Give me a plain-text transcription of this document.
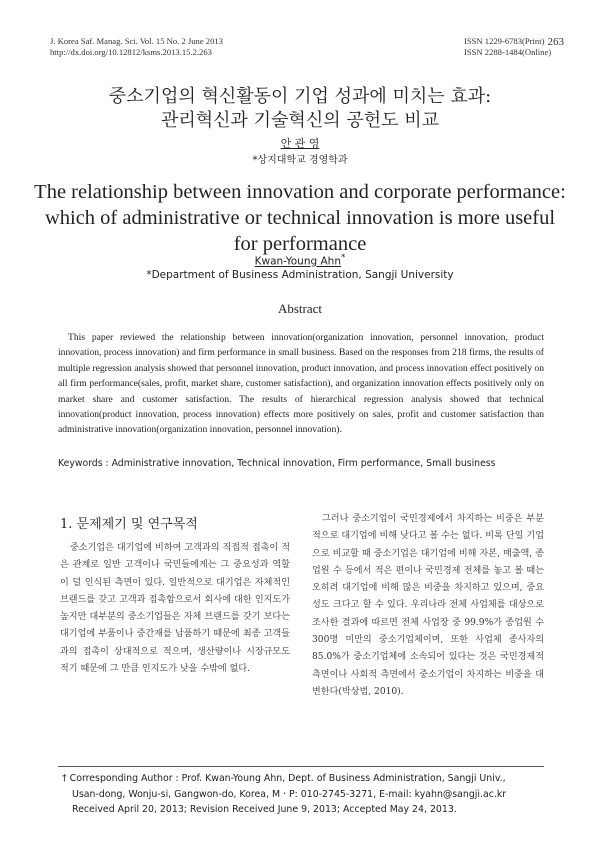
J. Korea Saf. Manag. Sci. Vol. 15 No. 2 June 2013
http://dx.doi.org/10.12812/ksms.2013.15.2.263
ISSN 1229-6783(Print)
ISSN 2288-1484(Online)
263
중소기업의 혁신활동이 기업 성과에 미치는 효과:
관리혁신과 기술혁신의 공헌도 비교
안 관 영
*상지대학교 경영학과
The relationship between innovation and corporate performance:
which of administrative or technical innovation is more useful
for performance
Kwan-Young Ahn*
*Department of Business Administration, Sangji University
Abstract
This paper reviewed the relationship between innovation(organization innovation, personnel innovation, product innovation, process innovation) and firm performance in small business. Based on the responses from 218 firms, the results of multiple regression analysis showed that personnel innovation, product innovation, and process innovation effect positively on all firm performance(sales, profit, market share, customer satisfaction), and organization innovation effects positively only on market share and customer satisfaction. The results of hierarchical regression analysis showed that technical innovation(product innovation, process innovation) effects more positively on sales, profit and customer satisfaction than administrative innovation(organization innovation, personnel innovation).
Keywords : Administrative innovation, Technical innovation, Firm performance, Small business
1. 문제제기 및 연구목적

중소기업은 대기업에 비하여 고객과의 직접적 접촉이 적은 관계로 일반 고객이나 국민들에게는 그 중요성과 역할이 덜 인식된 측면이 있다. 일반적으로 대기업은 자체적인 브랜드를 갖고 고객과 접촉함으로서 회사에 대한 인지도가 높지만 대부분의 중소기업들은 자체 브랜드를 갖기 보다는 대기업에 부품이나 중간재를 납품하기 때문에 최종 고객들과의 접촉이 상대적으로 적으며, 생산량이나 시장규모도 적기 때문에 그 만큼 인지도가 낮을 수밖에 없다.

그러나 중소기업이 국민경제에서 차지하는 비중은 부분적으로 대기업에 비해 낮다고 볼 수는 없다. 비록 단일 기업으로 비교할 때 중소기업은 대기업에 비해 자본, 매출액, 종업원 수 등에서 적은 편이나 국민경제 전체를 놓고 볼 때는 오히려 대기업에 비해 많은 비중을 차지하고 있으며, 중요성도 크다고 할 수 있다. 우리나라 전체 사업체를 대상으로 조사한 결과에 따르면 전체 사업장 중 99.9%가 종업원 수 300명 미만의 중소기업체이며, 또한 사업체 종사자의 85.0%가 중소기업체에 소속되어 있다는 것은 국민경제적 측면이나 사회적 측면에서 중소기업이 차지하는 비중을 대변한다(박상범, 2010).

† Corresponding Author : Prof. Kwan-Young Ahn, Dept. of Business Administration, Sangji Univ.,
Usan-dong, Wonju-si, Gangwon-do, Korea, M · P: 010-2745-3271, E-mail: kyahn@sangji.ac.kr
Received April 20, 2013; Revision Received June 9, 2013; Accepted May 24, 2013.
